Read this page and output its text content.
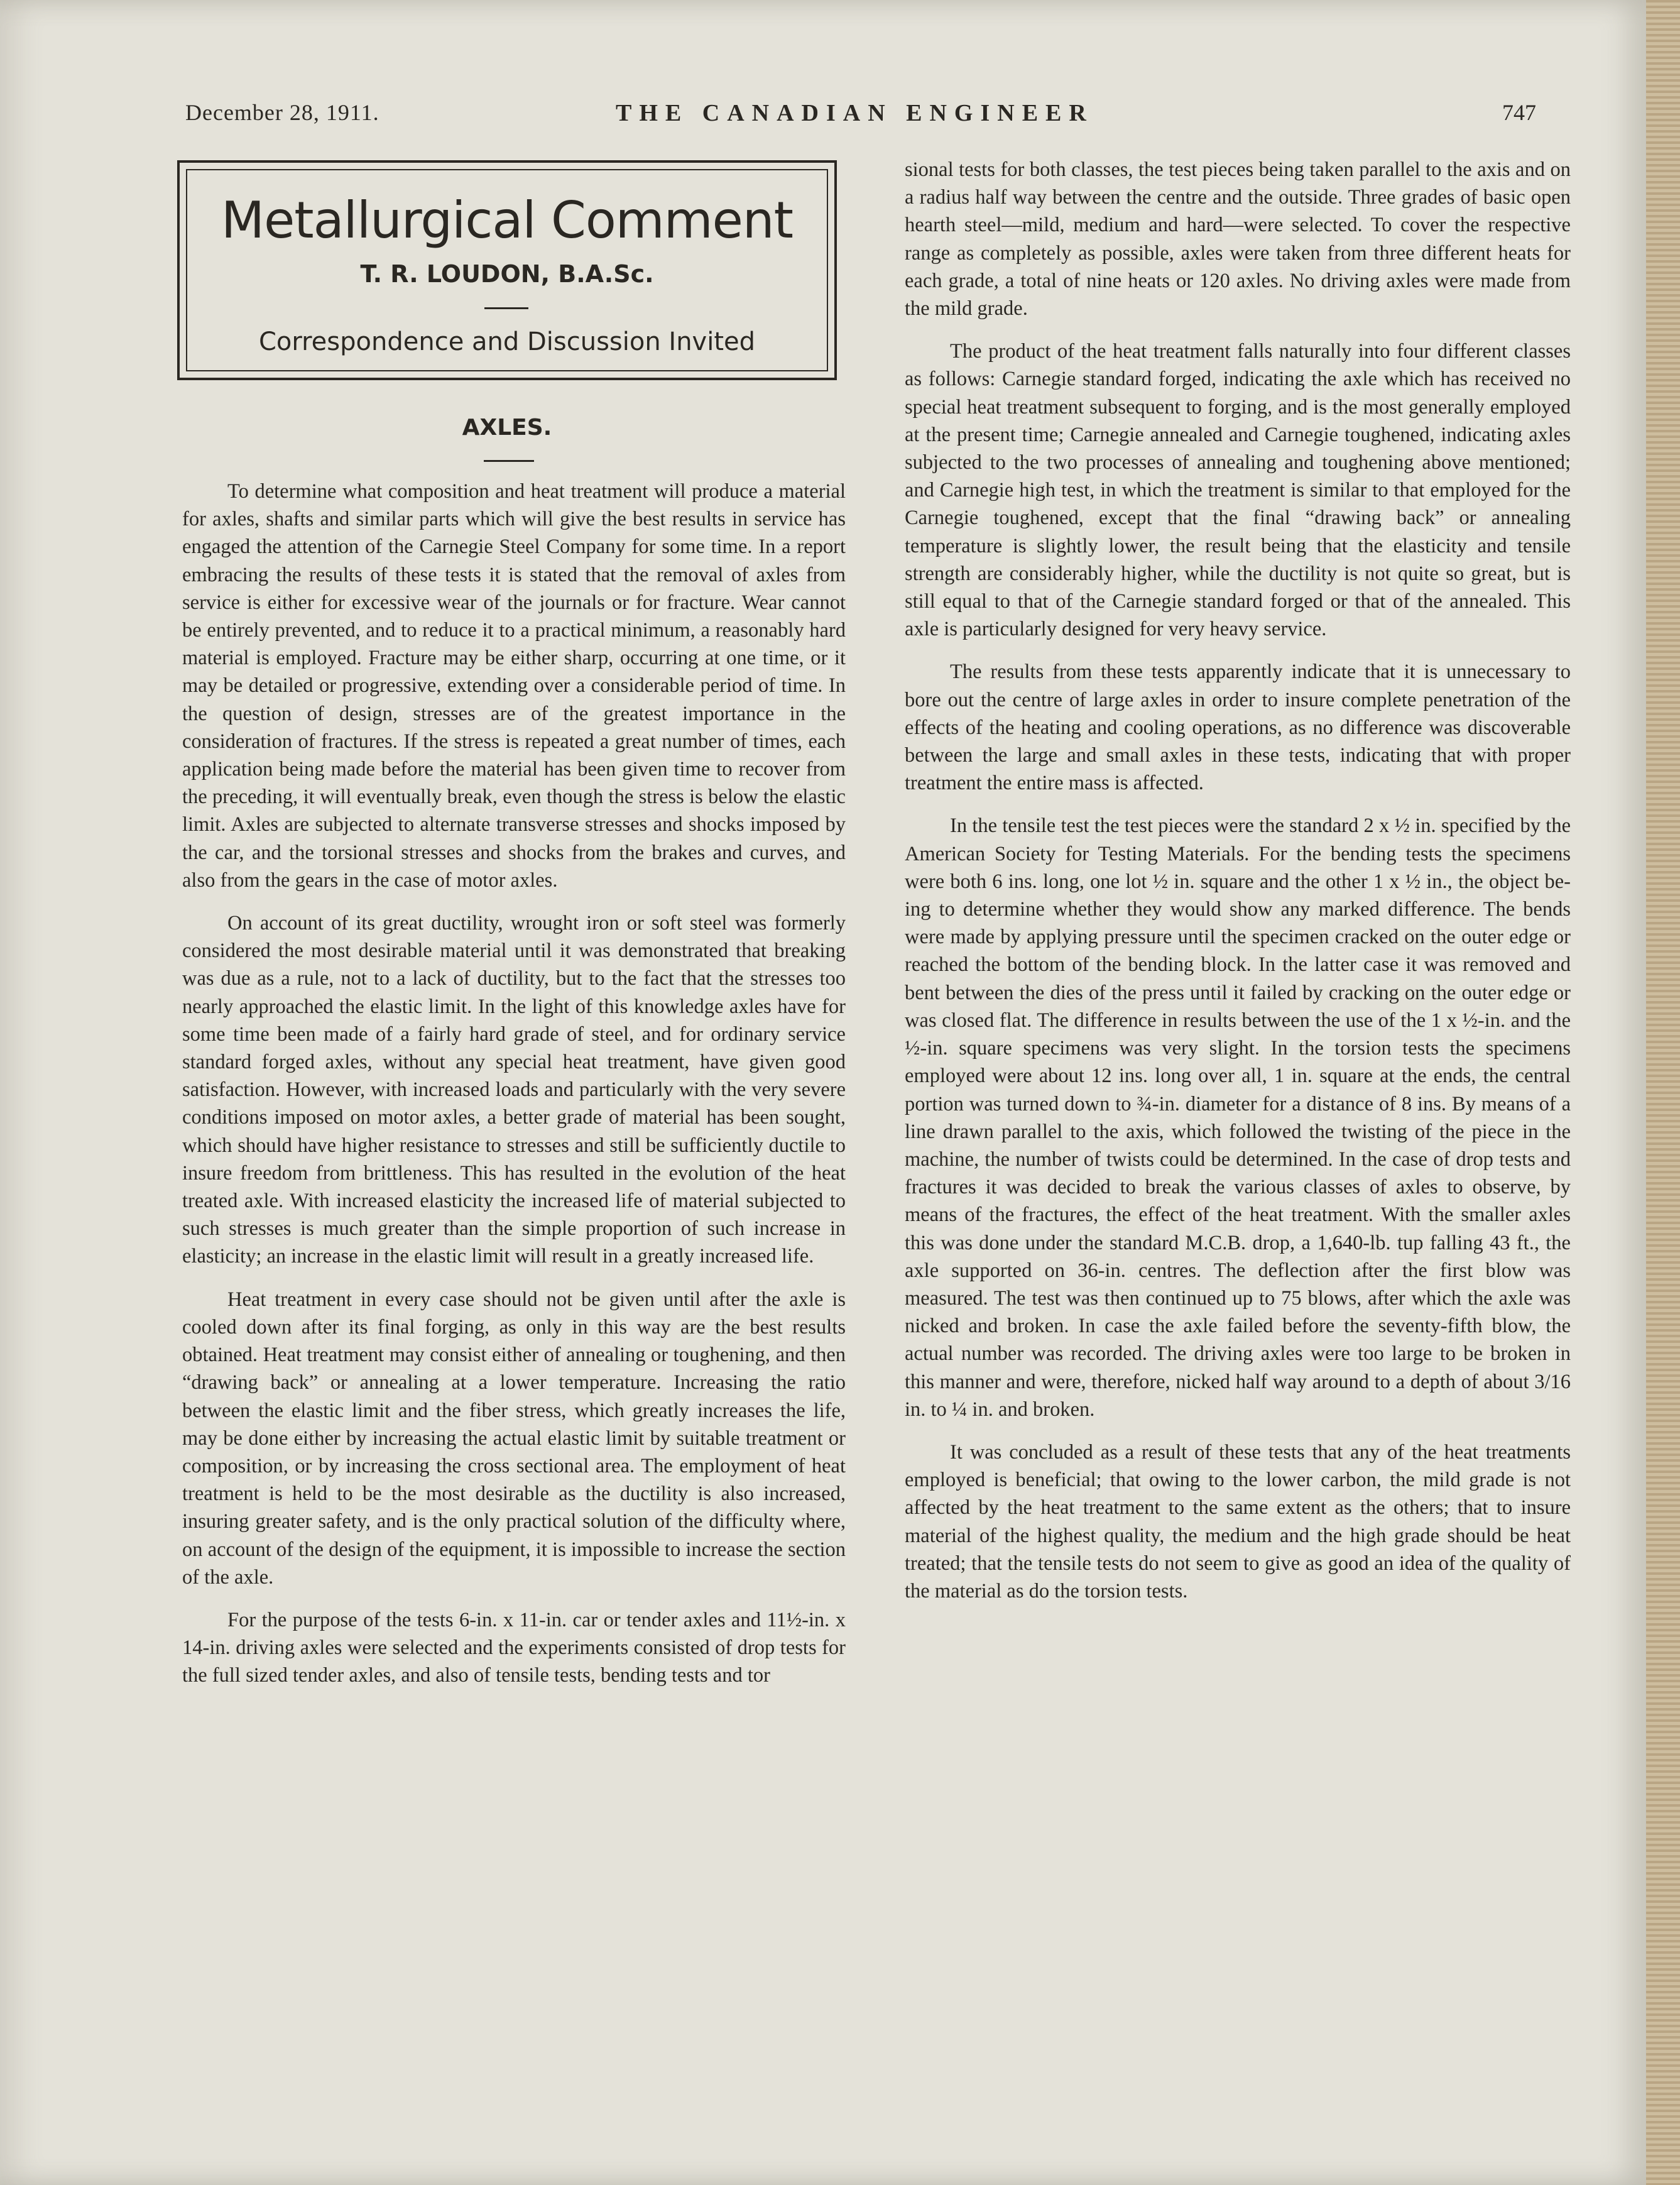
December 28, 1911.	THE CANADIAN ENGINEER	747
Metallurgical Comment
T. R. LOUDON, B.A.Sc.
Correspondence and Discussion Invited
AXLES.

To determine what composition and heat treatment will produce a material for axles, shafts and similar parts which will give the best results in service has engaged the attention of the Carnegie Steel Company for some time. In a report embracing the results of these tests it is stated that the removal of axles from service is either for excessive wear of the journals or for fracture. Wear cannot be entirely prevented, and to reduce it to a practical minimum, a reasonably hard material is employed. Fracture may be either sharp, occurring at one time, or it may be detailed or progressive, extending over a considerable period of time. In the question of design, stresses are of the greatest importance in the consideration of fractures. If the stress is repeated a great number of times, each application being made before the material has been given time to recover from the preceding, it will eventually break, even though the stress is below the elastic limit. Axles are subjected to alternate transverse stresses and shocks imposed by the car, and the torsional stresses and shocks from the brakes and curves, and also from the gears in the case of motor axles.

On account of its great ductility, wrought iron or soft steel was formerly considered the most desirable material until it was demonstrated that breaking was due as a rule, not to a lack of ductility, but to the fact that the stresses too nearly approached the elastic limit. In the light of this knowledge axles have for some time been made of a fairly hard grade of steel, and for ordinary service standard forged axles, without any special heat treatment, have given good satisfaction. However, with increased loads and particularly with the very severe conditions imposed on motor axles, a better grade of material has been sought, which should have higher resistance to stresses and still be sufficiently ductile to insure freedom from brittleness. This has resulted in the evolution of the heat treated axle. With increased elasticity the increased life of material subjected to such stresses is much greater than the simple proportion of such increase in elasticity; an increase in the elastic limit will result in a greatly increased life.

Heat treatment in every case should not be given until after the axle is cooled down after its final forging, as only in this way are the best results obtained. Heat treatment may consist either of annealing or toughening, and then “drawing back” or annealing at a lower temperature. Increasing the ratio between the elastic limit and the fiber stress, which greatly increases the life, may be done either by increasing the actual elastic limit by suitable treatment or composition, or by increasing the cross sectional area. The employment of heat treatment is held to be the most desirable as the ductility is also increased, insuring greater safety, and is the only practical solution of the difficulty where, on account of the design of the equipment, it is impossible to increase the section of the axle.

For the purpose of the tests 6-in. x 11-in. car or tender axles and 11½-in. x 14-in. driving axles were selected and the experiments consisted of drop tests for the full sized tender axles, and also of tensile tests, bending tests and tor

sional tests for both classes, the test pieces being taken parallel to the axis and on a radius half way between the centre and the outside. Three grades of basic open hearth steel—mild, medium and hard—were selected. To cover the respective range as completely as possible, axles were taken from three different heats for each grade, a total of nine heats or 120 axles. No driving axles were made from the mild grade.

The product of the heat treatment falls naturally into four different classes as follows: Carnegie standard forged, indicating the axle which has received no special heat treatment subsequent to forging, and is the most generally employed at the present time; Carnegie annealed and Carnegie toughened, indicating axles subjected to the two processes of annealing and toughening above mentioned; and Carnegie high test, in which the treatment is similar to that employed for the Carnegie toughened, except that the final “drawing back” or annealing temperature is slightly lower, the result being that the elasticity and tensile strength are considerably higher, while the ductility is not quite so great, but is still equal to that of the Carnegie standard forged or that of the annealed. This axle is particularly designed for very heavy service.

The results from these tests apparently indicate that it is unnecessary to bore out the centre of large axles in order to insure complete penetration of the effects of the heating and cooling operations, as no difference was discoverable between the large and small axles in these tests, indicating that with proper treatment the entire mass is affected.

In the tensile test the test pieces were the standard 2 x ½ in. specified by the American Society for Testing Materials. For the bending tests the specimens were both 6 ins. long, one lot ½ in. square and the other 1 x ½ in., the object being to determine whether they would show any marked difference. The bends were made by applying pressure until the specimen cracked on the outer edge or reached the bottom of the bending block. In the latter case it was removed and bent between the dies of the press until it failed by cracking on the outer edge or was closed flat. The difference in results between the use of the 1 x ½-in. and the ½-in. square specimens was very slight. In the torsion tests the specimens employed were about 12 ins. long over all, 1 in. square at the ends, the central portion was turned down to ¾-in. diameter for a distance of 8 ins. By means of a line drawn parallel to the axis, which followed the twisting of the piece in the machine, the number of twists could be determined. In the case of drop tests and fractures it was decided to break the various classes of axles to observe, by means of the fractures, the effect of the heat treatment. With the smaller axles this was done under the standard M.C.B. drop, a 1,640-lb. tup falling 43 ft., the axle supported on 36-in. centres. The deflection after the first blow was measured. The test was then continued up to 75 blows, after which the axle was nicked and broken. In case the axle failed before the seventy-fifth blow, the actual number was recorded. The driving axles were too large to be broken in this manner and were, therefore, nicked half way around to a depth of about 3/16 in. to ¼ in. and broken.

It was concluded as a result of these tests that any of the heat treatments employed is beneficial; that owing to the lower carbon, the mild grade is not affected by the heat treatment to the same extent as the others; that to insure material of the highest quality, the medium and the high grade should be heat treated; that the tensile tests do not seem to give as good an idea of the quality of the material as do the torsion tests.
